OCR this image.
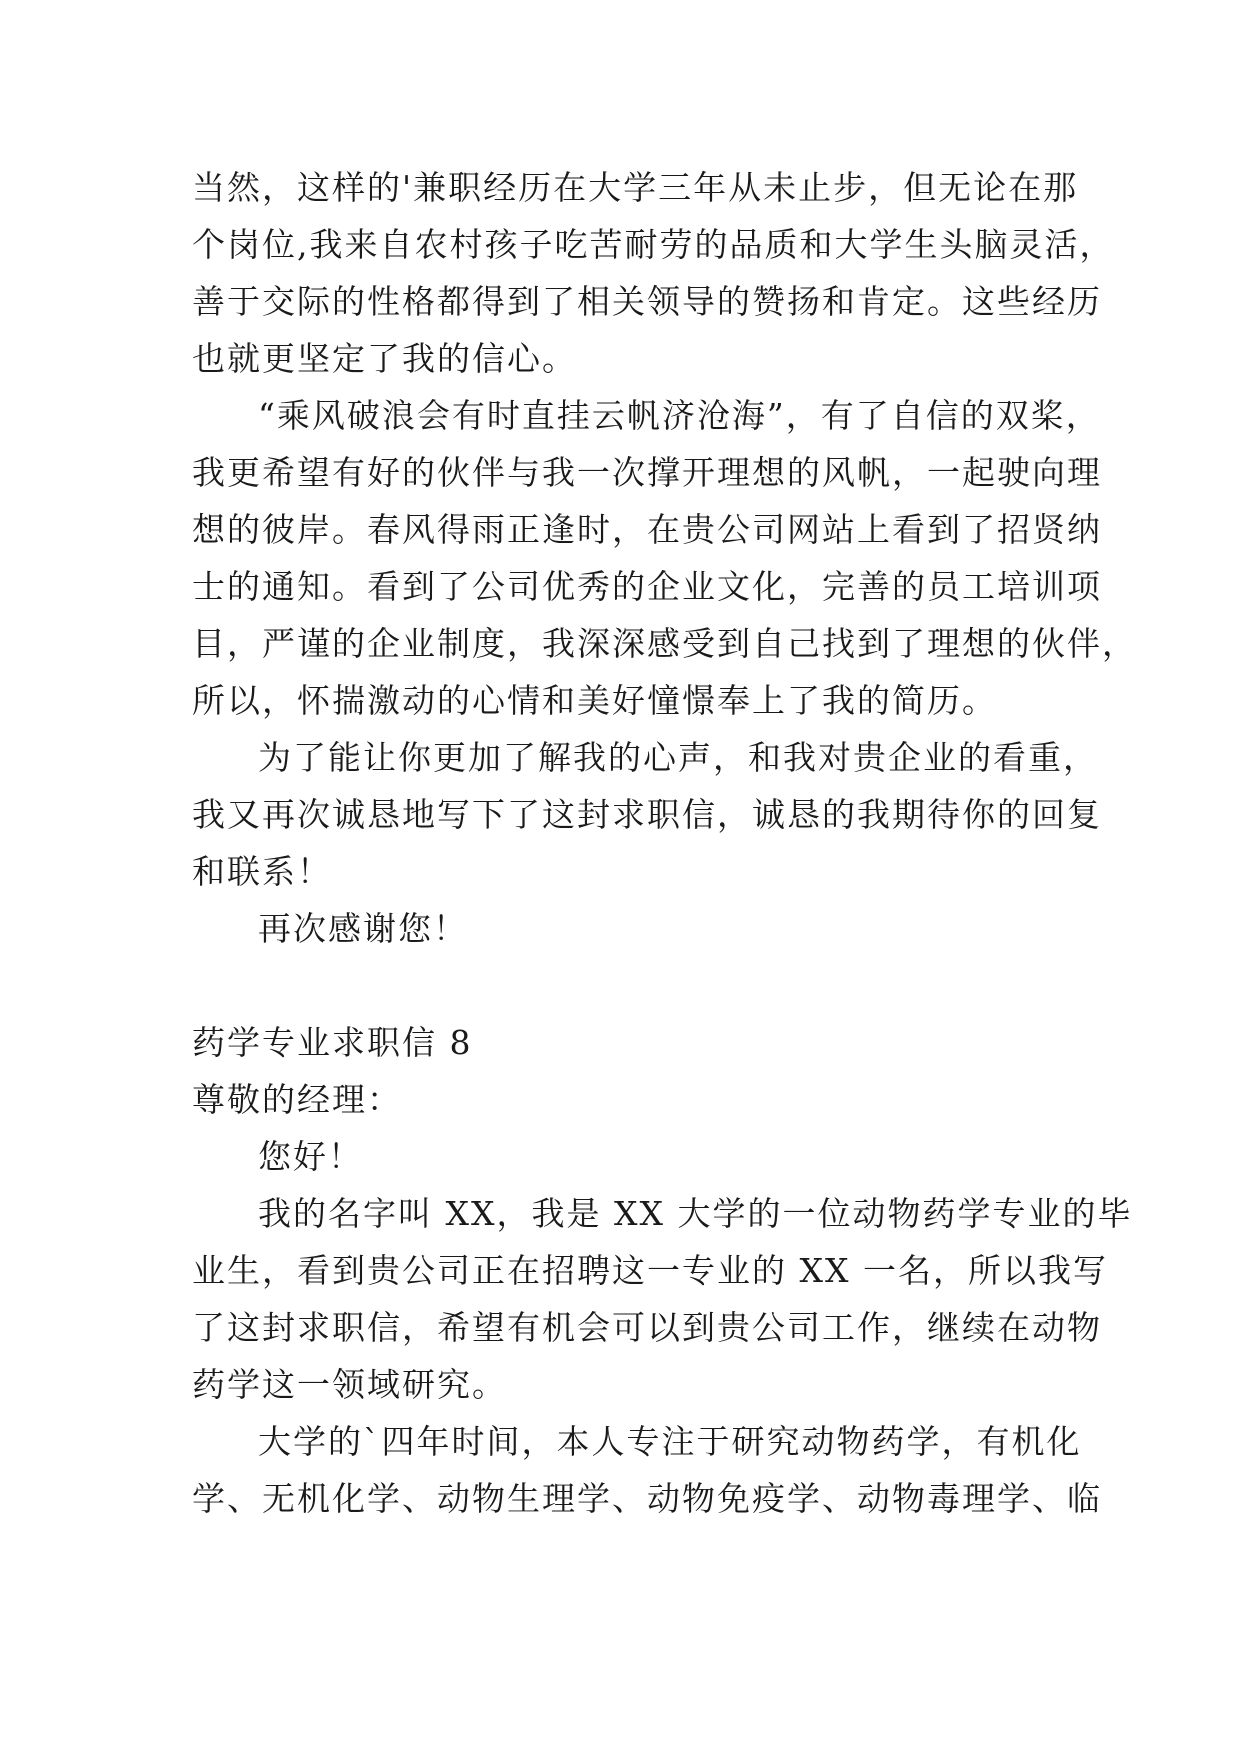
当然，这样的'兼职经历在大学三年从未止步，但无论在那
个岗位,我来自农村孩子吃苦耐劳的品质和大学生头脑灵活，
善于交际的性格都得到了相关领导的赞扬和肯定。这些经历
也就更坚定了我的信心。
“乘风破浪会有时直挂云帆济沧海”，有了自信的双桨，
我更希望有好的伙伴与我一次撑开理想的风帆，一起驶向理
想的彼岸。春风得雨正逢时，在贵公司网站上看到了招贤纳
士的通知。看到了公司优秀的企业文化，完善的员工培训项
目，严谨的企业制度，我深深感受到自己找到了理想的伙伴，
所以，怀揣激动的心情和美好憧憬奉上了我的简历。
为了能让你更加了解我的心声，和我对贵企业的看重，
我又再次诚恳地写下了这封求职信，诚恳的我期待你的回复
和联系！
再次感谢您！
药学专业求职信 8
尊敬的经理：
您好！
我的名字叫 XX，我是 XX 大学的一位动物药学专业的毕
业生，看到贵公司正在招聘这一专业的 XX 一名，所以我写
了这封求职信，希望有机会可以到贵公司工作，继续在动物
药学这一领域研究。
大学的`四年时间，本人专注于研究动物药学，有机化
学、无机化学、动物生理学、动物免疫学、动物毒理学、临
